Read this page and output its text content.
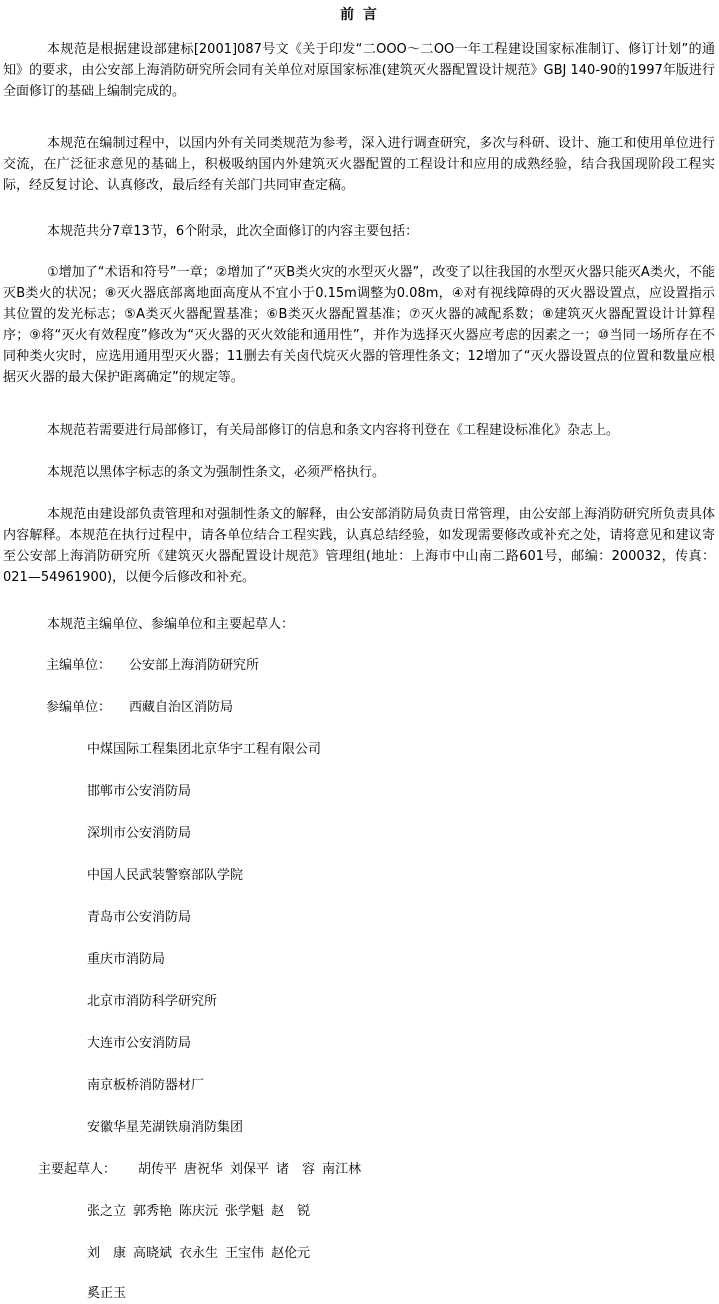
前 言
本规范是根据建设部建标[2001]087号文《关于印发“二OOO～二OO一年工程建设国家标准制订、修订计划”的通知》的要求，由公安部上海消防研究所会同有关单位对原国家标准(建筑灭火器配置设计规范》GBJ 140-90的1997年版进行全面修订的基础上编制完成的。
本规范在编制过程中，以国内外有关同类规范为参考，深入进行调查研究，多次与科研、设计、施工和使用单位进行交流，在广泛征求意见的基础上，积极吸纳国内外建筑灭火器配置的工程设计和应用的成熟经验，结合我国现阶段工程实际，经反复讨论、认真修改，最后经有关部门共同审查定稿。
本规范共分7章13节，6个附录，此次全面修订的内容主要包括：
①增加了“术语和符号”一章；②增加了“灭B类火灾的水型灭火器”，改变了以往我国的水型灭火器只能灭A类火，不能灭B类火的状况；⑧灭火器底部离地面高度从不宜小于0.15m调整为0.08m，④对有视线障碍的灭火器设置点，应设置指示其位置的发光标志；⑤A类灭火器配置基准；⑥B类灭火器配置基准；⑦灭火器的减配系数；⑧建筑灭火器配置设计计算程序；⑨将“灭火有效程度”修改为“灭火器的灭火效能和通用性”，并作为选择灭火器应考虑的因素之一；⑩当同一场所存在不同种类火灾时，应选用通用型灭火器；11删去有关卤代烷灭火器的管理性条文；12增加了“灭火器设置点的位置和数量应根据灭火器的最大保护距离确定”的规定等。
本规范若需要进行局部修订，有关局部修订的信息和条文内容将刊登在《工程建设标准化》杂志上。
本规范以黑体字标志的条文为强制性条文，必须严格执行。
本规范由建设部负责管理和对强制性条文的解释，由公安部消防局负责日常管理，由公安部上海消防研究所负责具体内容解释。本规范在执行过程中，请各单位结合工程实践，认真总结经验，如发现需要修改或补充之处，请将意见和建议寄至公安部上海消防研究所《建筑灭火器配置设计规范》管理组(地址：上海市中山南二路601号，邮编：200032，传真：021—54961900)，以便今后修改和补充。
本规范主编单位、参编单位和主要起草人：
主编单位： 公安部上海消防研究所
参编单位： 西藏自治区消防局
中煤国际工程集团北京华宇工程有限公司
邯郸市公安消防局
深圳市公安消防局
中国人民武装警察部队学院
青岛市公安消防局
重庆市消防局
北京市消防科学研究所
大连市公安消防局
南京板桥消防器材厂
安徽华星芜湖铁扇消防集团
主要起草人： 胡传平 唐祝华 刘保平 诸　容 南江林
张之立 郭秀艳 陈庆沅 张学魁 赵　锐
刘　康 高晓斌 衣永生 王宝伟 赵伦元
奚正玉
